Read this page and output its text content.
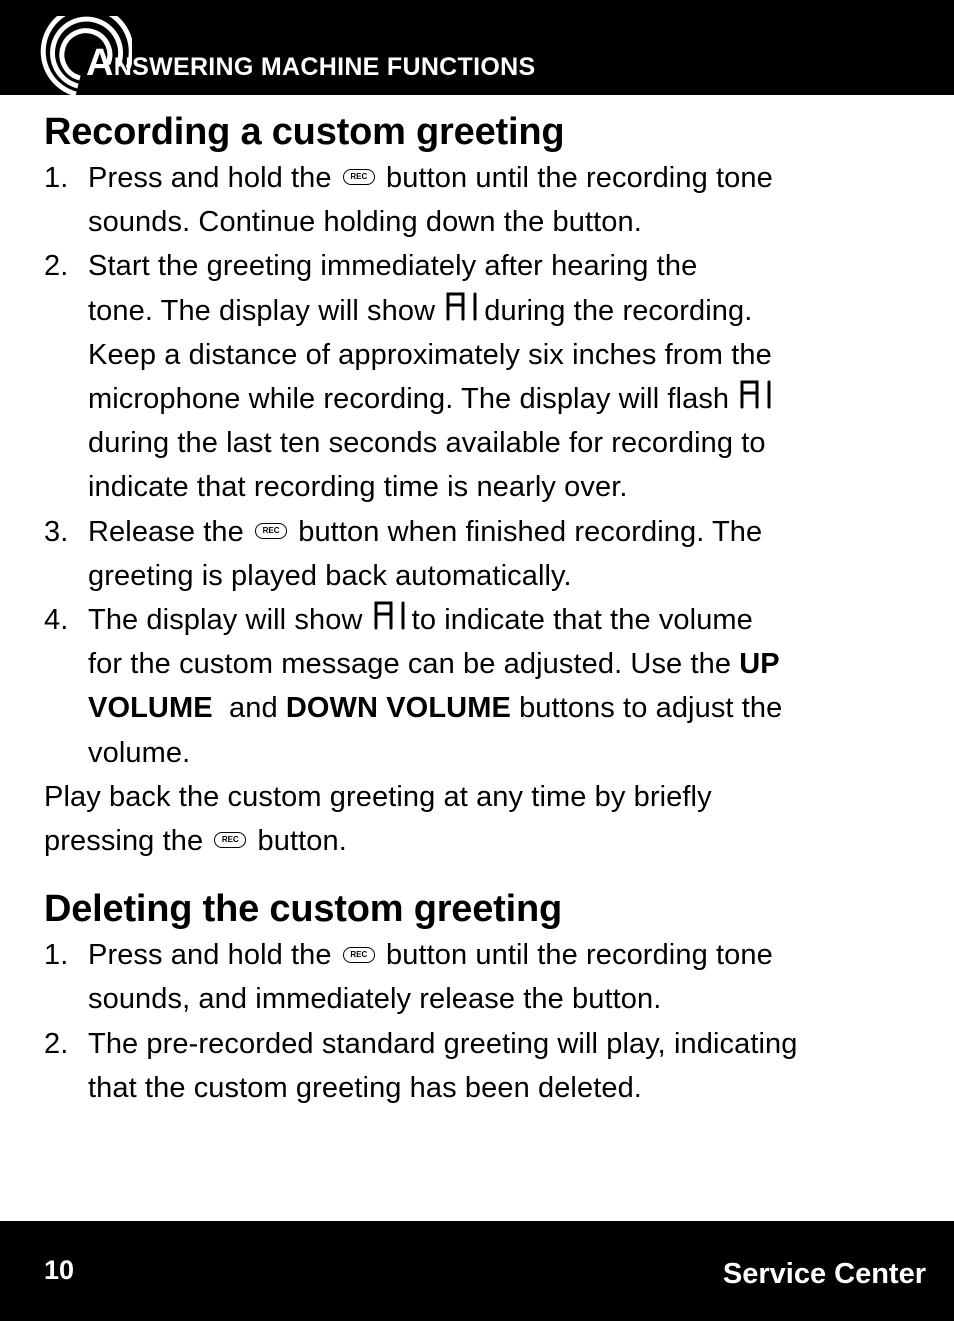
ANSWERING MACHINE FUNCTIONS
Recording a custom greeting
1. Press and hold the	REC button until the recording tone
sounds. Continue holding down the button.
2. Start the greeting immediately after hearing the
tone. The display will show during the recording.
Keep a distance of approximately six inches from the
microphone while recording. The display will flash
during the last ten seconds available for recording to
indicate that recording time is nearly over.
3. Release the	REC button when finished recording. The
greeting is played back automatically.
4. The display will show to indicate that the volume
for the custom message can be adjusted. Use the UP
VOLUME and DOWN VOLUME buttons to adjust the
volume.
Play back the custom greeting at any time by briefly
pressing the	REC button.
Deleting the custom greeting
1. Press and hold the	REC button until the recording tone
sounds, and immediately release the button.
2. The pre-recorded standard greeting will play, indicating
that the custom greeting has been deleted.
10	Service Center
